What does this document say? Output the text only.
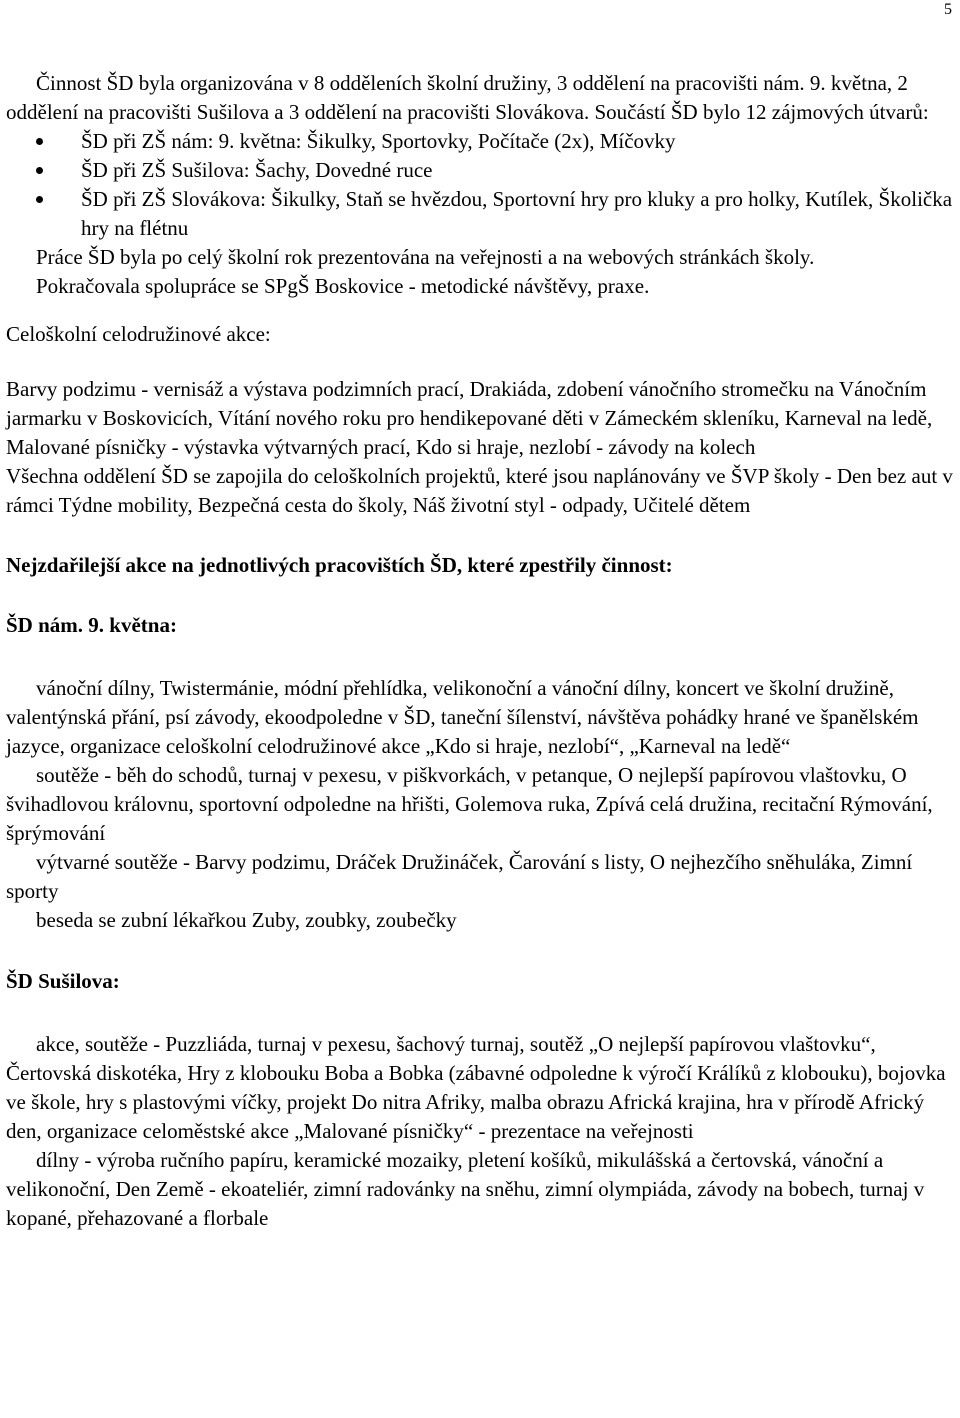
5

Činnost ŠD byla organizována v 8 odděleních školní družiny, 3 oddělení na pracovišti nám. 9. května, 2 oddělení na pracovišti Sušilova a 3 oddělení na pracovišti Slovákova. Součástí ŠD bylo 12 zájmových útvarů:

ŠD při ZŠ nám: 9. května: Šikulky, Sportovky, Počítače (2x), Míčovky
ŠD při ZŠ Sušilova: Šachy, Dovedné ruce
ŠD při ZŠ Slovákova: Šikulky, Staň se hvězdou, Sportovní hry pro kluky a pro holky, Kutílek, Školička hry na flétnu

Práce ŠD byla po celý školní rok prezentována na veřejnosti a na webových stránkách školy.

Pokračovala spolupráce se SPgŠ Boskovice - metodické návštěvy, praxe.

Celoškolní celodružinové akce:

Barvy podzimu - vernisáž a výstava podzimních prací, Drakiáda, zdobení vánočního stromečku na Vánočním jarmarku v Boskovicích, Vítání nového roku pro hendikepované děti v Zámeckém skleníku, Karneval na ledě, Malované písničky - výstavka výtvarných prací, Kdo si hraje, nezlobí - závody na kolech

Všechna oddělení ŠD se zapojila do celoškolních projektů, které jsou naplánovány ve ŠVP školy - Den bez aut v rámci Týdne mobility, Bezpečná cesta do školy, Náš životní styl - odpady, Učitelé dětem

Nejzdařilejší akce na jednotlivých pracovištích ŠD, které zpestřily činnost:

ŠD nám. 9. května:

vánoční dílny, Twistermánie, módní přehlídka, velikonoční a vánoční dílny, koncert ve školní družině, valentýnská přání, psí závody, ekoodpoledne v ŠD, taneční šílenství, návštěva pohádky hrané ve španělském jazyce, organizace celoškolní celodružinové akce „Kdo si hraje, nezlobí“, „Karneval na ledě“

soutěže - běh do schodů, turnaj v pexesu, v piškvorkách, v petanque, O nejlepší papírovou vlaštovku, O švihadlovou královnu, sportovní odpoledne na hřišti, Golemova ruka, Zpívá celá družina, recitační Rýmování, šprýmování

výtvarné soutěže - Barvy podzimu, Dráček Družináček, Čarování s listy, O nejhezčího sněhuláka, Zimní sporty

beseda se zubní lékařkou Zuby, zoubky, zoubečky

ŠD Sušilova:

akce, soutěže - Puzzliáda, turnaj v pexesu, šachový turnaj, soutěž „O nejlepší papírovou vlaštovku“, Čertovská diskotéka, Hry z klobouku Boba a Bobka (zábavné odpoledne k výročí Králíků z klobouku), bojovka ve škole, hry s plastovými víčky, projekt Do nitra Afriky, malba obrazu Africká krajina, hra v přírodě Africký den, organizace celoměstské akce „Malované písničky“ - prezentace na veřejnosti

dílny - výroba ručního papíru, keramické mozaiky, pletení košíků, mikulášská a čertovská, vánoční a velikonoční, Den Země - ekoateliér, zimní radovánky na sněhu, zimní olympiáda, závody na bobech, turnaj v kopané, přehazované a florbale
